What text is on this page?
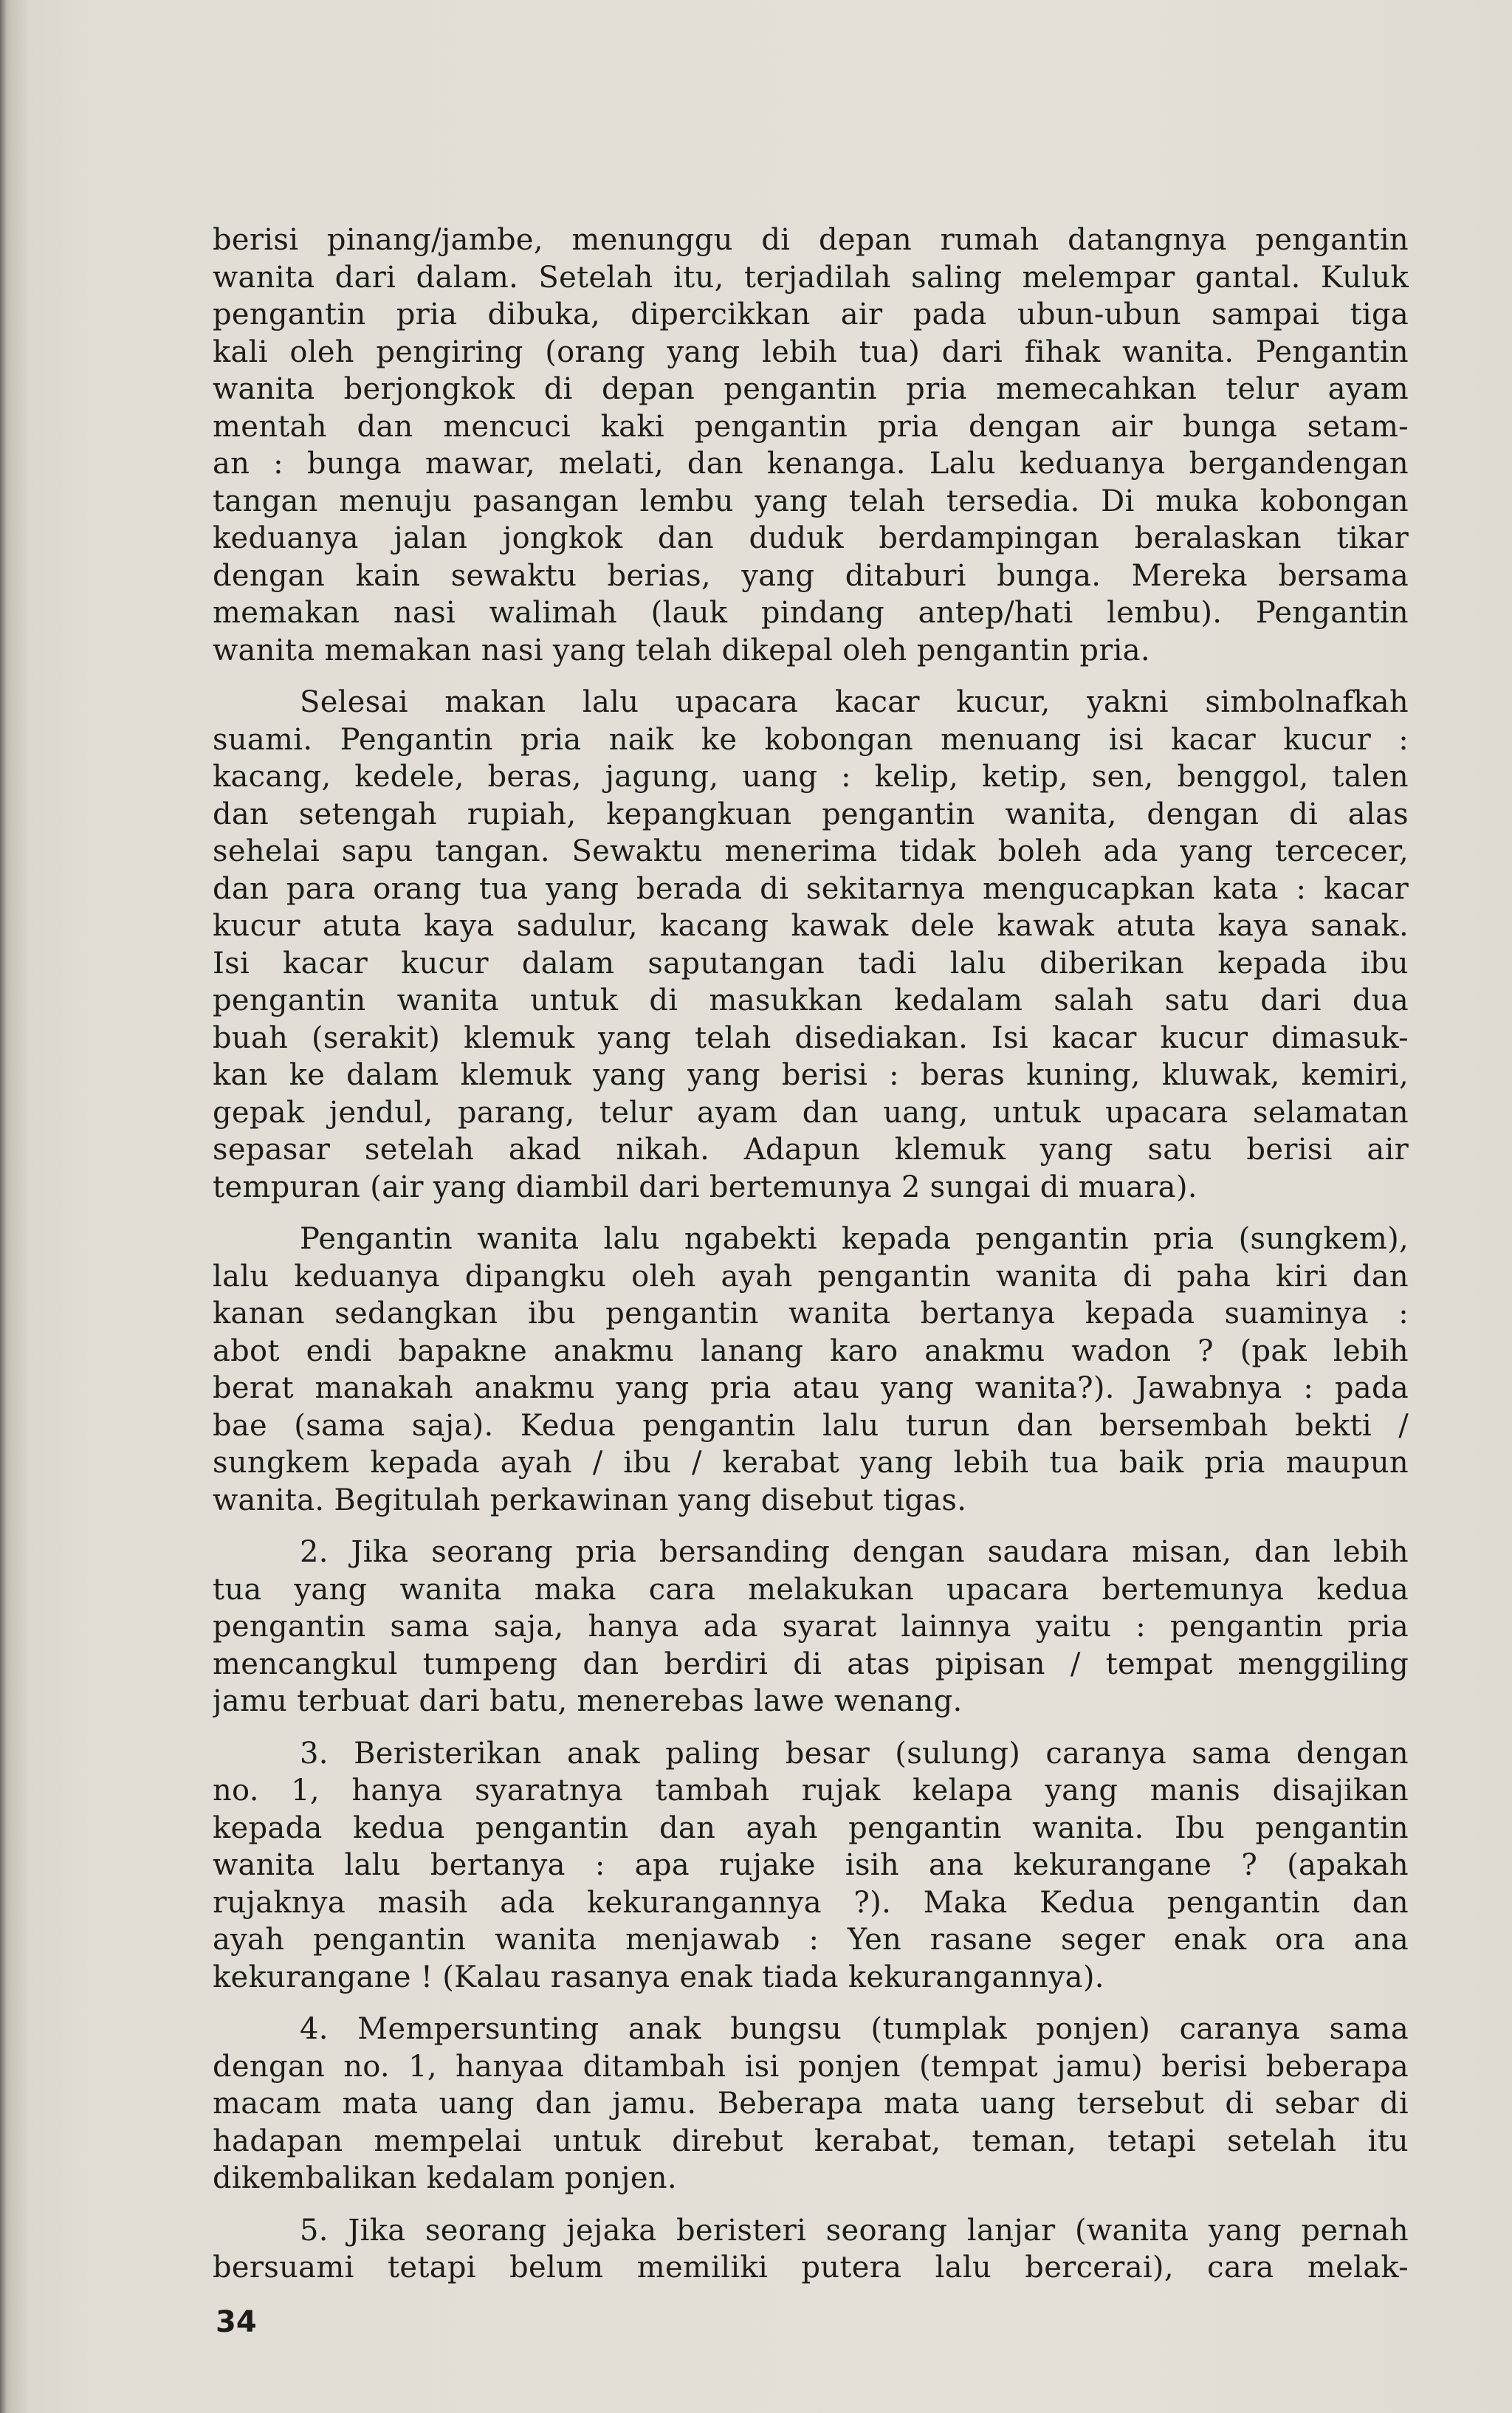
berisi pinang/jambe, menunggu di depan rumah datangnya pengantin
wanita dari dalam. Setelah itu, terjadilah saling melempar gantal. Kuluk
pengantin pria dibuka, dipercikkan air pada ubun-ubun sampai tiga
kali oleh pengiring (orang yang lebih tua) dari fihak wanita. Pengantin
wanita berjongkok di depan pengantin pria memecahkan telur ayam
mentah dan mencuci kaki pengantin pria dengan air bunga setam-
an : bunga mawar, melati, dan kenanga. Lalu keduanya bergandengan
tangan menuju pasangan lembu yang telah tersedia. Di muka kobongan
keduanya jalan jongkok dan duduk berdampingan beralaskan tikar
dengan kain sewaktu berias, yang ditaburi bunga. Mereka bersama
memakan nasi walimah (lauk pindang antep/hati lembu). Pengantin
wanita memakan nasi yang telah dikepal oleh pengantin pria.
Selesai makan lalu upacara kacar kucur, yakni simbolnafkah
suami. Pengantin pria naik ke kobongan menuang isi kacar kucur :
kacang, kedele, beras, jagung, uang : kelip, ketip, sen, benggol, talen
dan setengah rupiah, kepangkuan pengantin wanita, dengan di alas
sehelai sapu tangan. Sewaktu menerima tidak boleh ada yang tercecer,
dan para orang tua yang berada di sekitarnya mengucapkan kata : kacar
kucur atuta kaya sadulur, kacang kawak dele kawak atuta kaya sanak.
Isi kacar kucur dalam saputangan tadi lalu diberikan kepada ibu
pengantin wanita untuk di masukkan kedalam salah satu dari dua
buah (serakit) klemuk yang telah disediakan. Isi kacar kucur dimasuk-
kan ke dalam klemuk yang yang berisi : beras kuning, kluwak, kemiri,
gepak jendul, parang, telur ayam dan uang, untuk upacara selamatan
sepasar setelah akad nikah. Adapun klemuk yang satu berisi air
tempuran (air yang diambil dari bertemunya 2 sungai di muara).
Pengantin wanita lalu ngabekti kepada pengantin pria (sungkem),
lalu keduanya dipangku oleh ayah pengantin wanita di paha kiri dan
kanan sedangkan ibu pengantin wanita bertanya kepada suaminya :
abot endi bapakne anakmu lanang karo anakmu wadon ? (pak lebih
berat manakah anakmu yang pria atau yang wanita?). Jawabnya : pada
bae (sama saja). Kedua pengantin lalu turun dan bersembah bekti /
sungkem kepada ayah / ibu / kerabat yang lebih tua baik pria maupun
wanita. Begitulah perkawinan yang disebut tigas.
2. Jika seorang pria bersanding dengan saudara misan, dan lebih
tua yang wanita maka cara melakukan upacara bertemunya kedua
pengantin sama saja, hanya ada syarat lainnya yaitu : pengantin pria
mencangkul tumpeng dan berdiri di atas pipisan / tempat menggiling
jamu terbuat dari batu, menerebas lawe wenang.
3. Beristerikan anak paling besar (sulung) caranya sama dengan
no. 1, hanya syaratnya tambah rujak kelapa yang manis disajikan
kepada kedua pengantin dan ayah pengantin wanita. Ibu pengantin
wanita lalu bertanya : apa rujake isih ana kekurangane ? (apakah
rujaknya masih ada kekurangannya ?). Maka Kedua pengantin dan
ayah pengantin wanita menjawab : Yen rasane seger enak ora ana
kekurangane ! (Kalau rasanya enak tiada kekurangannya).
4. Mempersunting anak bungsu (tumplak ponjen) caranya sama
dengan no. 1, hanyaa ditambah isi ponjen (tempat jamu) berisi beberapa
macam mata uang dan jamu. Beberapa mata uang tersebut di sebar di
hadapan mempelai untuk direbut kerabat, teman, tetapi setelah itu
dikembalikan kedalam ponjen.
5. Jika seorang jejaka beristeri seorang lanjar (wanita yang pernah
bersuami tetapi belum memiliki putera lalu bercerai), cara melak-
34
